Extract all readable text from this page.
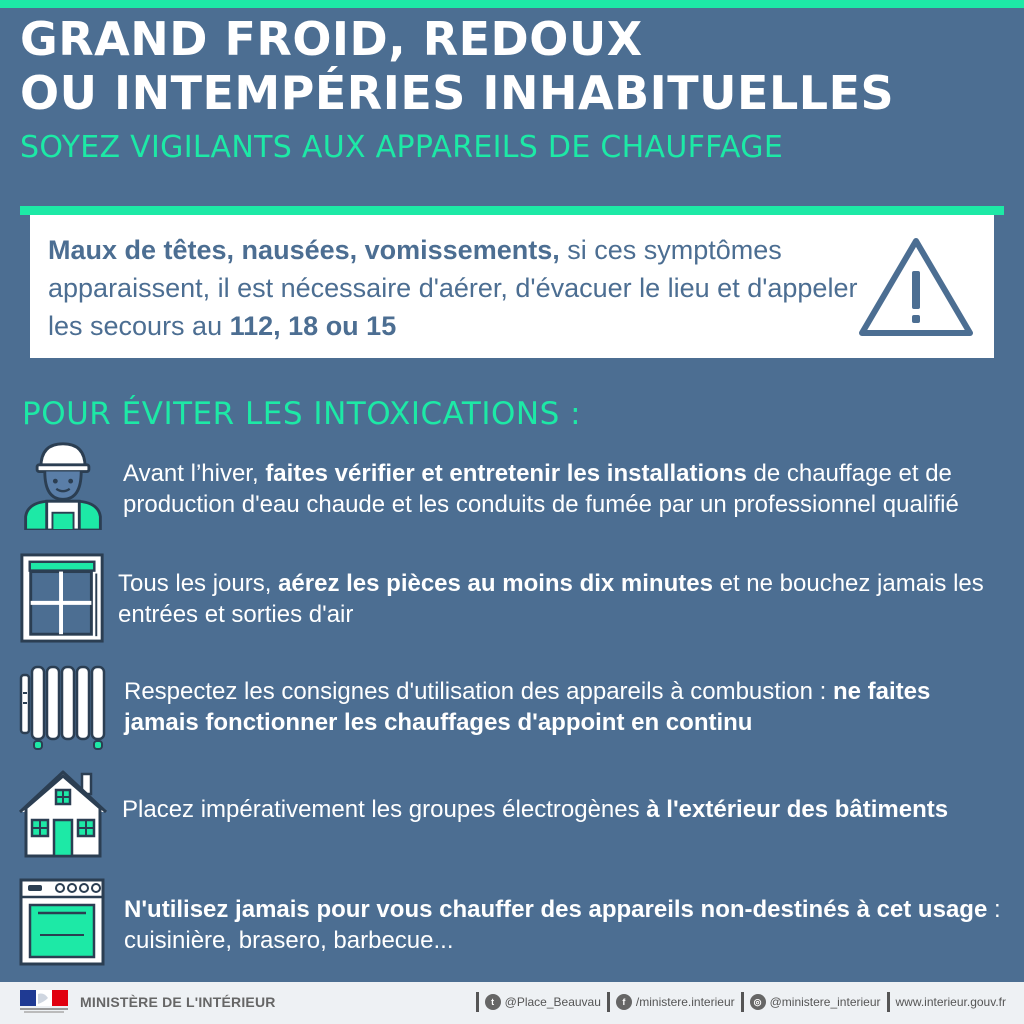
GRAND FROID, REDOUX
OU INTEMPÉRIES INHABITUELLES
SOYEZ VIGILANTS AUX APPAREILS DE CHAUFFAGE

Maux de têtes, nausées, vomissements, si ces symptômes apparaissent, il est nécessaire d'aérer, d'évacuer le lieu et d'appeler les secours au 112, 18 ou 15

POUR ÉVITER LES INTOXICATIONS :

Avant l’hiver, faites vérifier et entretenir les installations de chauffage et de production d'eau chaude et les conduits de fumée par un professionnel qualifié

Tous les jours, aérez les pièces au moins dix minutes et ne bouchez jamais les entrées et sorties d'air

Respectez les consignes d'utilisation des appareils à combustion : ne faites jamais fonctionner les chauffages d'appoint en continu

Placez impérativement les groupes électrogènes à l'extérieur des bâtiments

N'utilisez jamais pour vous chauffer des appareils non-destinés à cet usage : cuisinière, brasero, barbecue...

MINISTÈRE DE L'INTÉRIEUR	t @Place_Beauvau	f /ministere.interieur	◎ @ministere_interieur www.interieur.gouv.fr
